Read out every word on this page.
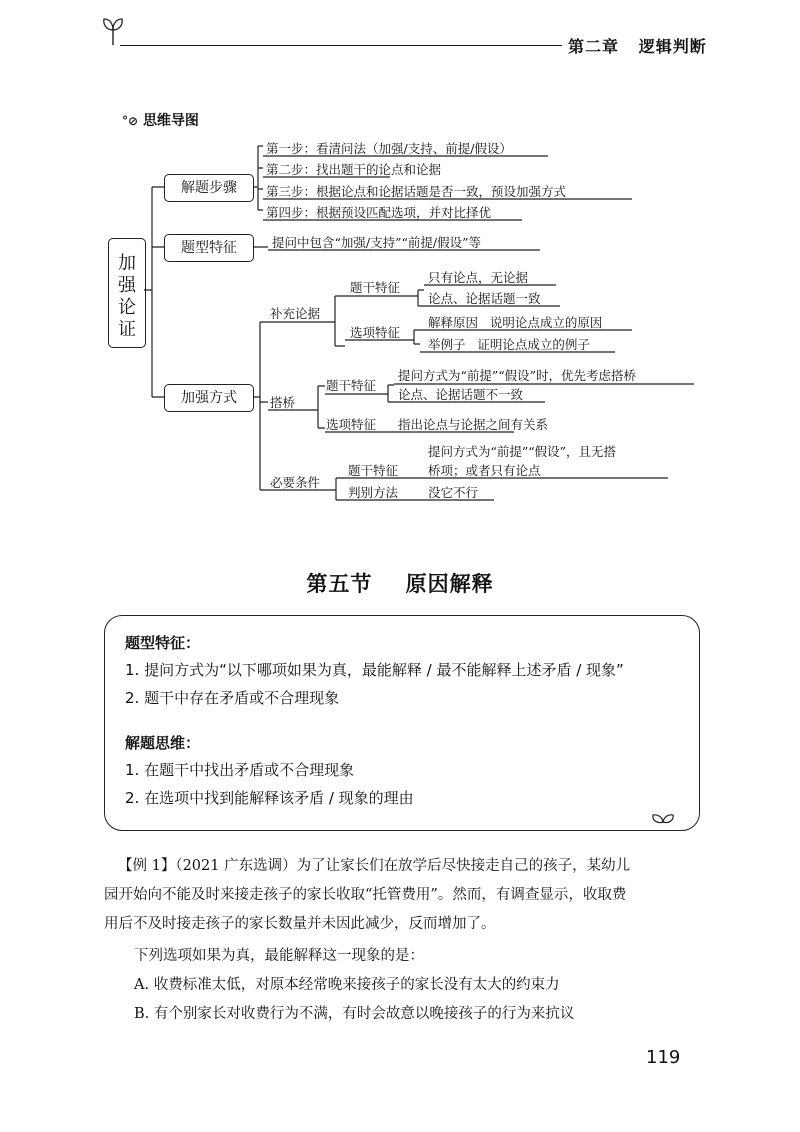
第二章 逻辑判断
°⊘ 思维导图
加
强
论
证
解题步骤
题型特征
加强方式
第一步：看清问法（加强/支持、前提/假设）
第二步：找出题干的论点和论据
第三步：根据论点和论据话题是否一致，预设加强方式
第四步：根据预设匹配选项，并对比择优
提问中包含“加强/支持”“前提/假设”等
补充论据
题干特征
只有论点，无论据
论点、论据话题一致
选项特征
解释原因   说明论点成立的原因
举例子   证明论点成立的例子
搭桥
题干特征
提问方式为“前提”“假设”时，优先考虑搭桥
论点、论据话题不一致
选项特征 指出论点与论据之间有关系
必要条件
题干特征
提问方式为“前提”“假设”，且无搭
桥项；或者只有论点
判别方法 没它不行
第五节    原因解释
题型特征：
1. 提问方式为“以下哪项如果为真，最能解释 / 最不能解释上述矛盾 / 现象”
2. 题干中存在矛盾或不合理现象
解题思维：
1. 在题干中找出矛盾或不合理现象
2. 在选项中找到能解释该矛盾 / 现象的理由
【例 1】（2021 广东选调）为了让家长们在放学后尽快接走自己的孩子，某幼儿
园开始向不能及时来接走孩子的家长收取“托管费用”。然而，有调查显示，收取费
用后不及时接走孩子的家长数量并未因此减少，反而增加了。
下列选项如果为真，最能解释这一现象的是：
A. 收费标准太低，对原本经常晚来接孩子的家长没有太大的约束力
B. 有个别家长对收费行为不满，有时会故意以晚接孩子的行为来抗议
119
